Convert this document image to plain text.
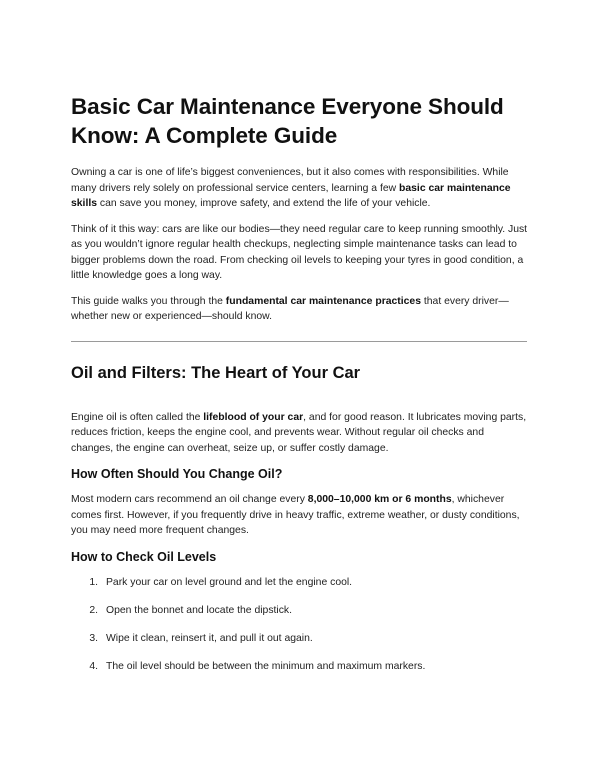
Basic Car Maintenance Everyone Should Know: A Complete Guide

Owning a car is one of life’s biggest conveniences, but it also comes with responsibilities. While many drivers rely solely on professional service centers, learning a few basic car maintenance skills can save you money, improve safety, and extend the life of your vehicle.

Think of it this way: cars are like our bodies—they need regular care to keep running smoothly. Just as you wouldn’t ignore regular health checkups, neglecting simple maintenance tasks can lead to bigger problems down the road. From checking oil levels to keeping your tyres in good condition, a little knowledge goes a long way.

This guide walks you through the fundamental car maintenance practices that every driver—whether new or experienced—should know.

Oil and Filters: The Heart of Your Car

Engine oil is often called the lifeblood of your car, and for good reason. It lubricates moving parts, reduces friction, keeps the engine cool, and prevents wear. Without regular oil checks and changes, the engine can overheat, seize up, or suffer costly damage.

How Often Should You Change Oil?

Most modern cars recommend an oil change every 8,000–10,000 km or 6 months, whichever comes first. However, if you frequently drive in heavy traffic, extreme weather, or dusty conditions, you may need more frequent changes.

How to Check Oil Levels
1. Park your car on level ground and let the engine cool.
2. Open the bonnet and locate the dipstick.
3. Wipe it clean, reinsert it, and pull it out again.
4. The oil level should be between the minimum and maximum markers.
